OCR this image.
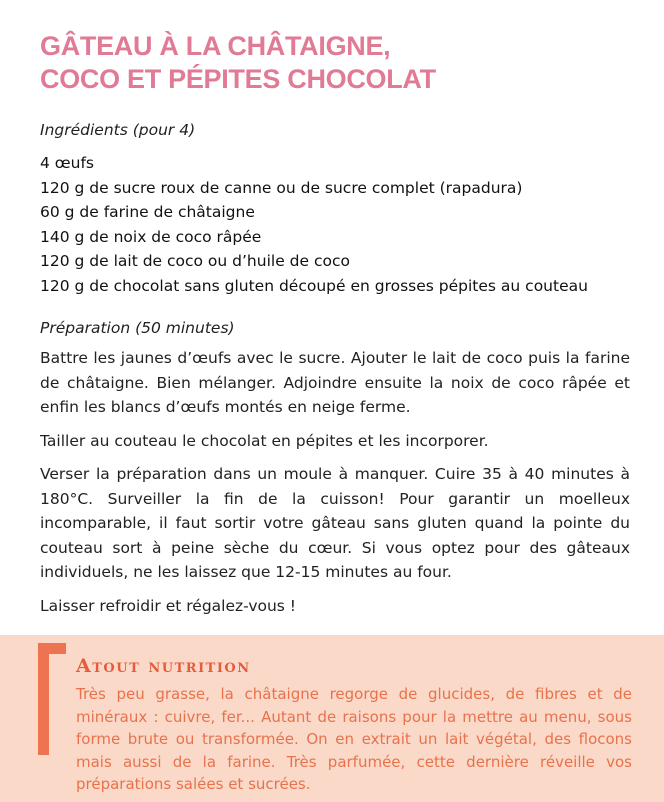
GÂTEAU À LA CHÂTAIGNE,
COCO ET PÉPITES CHOCOLAT

Ingrédients (pour 4)

4 œufs
120 g de sucre roux de canne ou de sucre complet (rapadura)
60 g de farine de châtaigne
140 g de noix de coco râpée
120 g de lait de coco ou d’huile de coco
120 g de chocolat sans gluten découpé en grosses pépites au couteau

Préparation (50 minutes)

Battre les jaunes d’œufs avec le sucre. Ajouter le lait de coco puis la farine de châtaigne. Bien mélanger. Adjoindre ensuite la noix de coco râpée et enfin les blancs d’œufs montés en neige ferme.

Tailler au couteau le chocolat en pépites et les incorporer.

Verser la préparation dans un moule à manquer. Cuire 35 à 40 minutes à 180°C. Surveiller la fin de la cuisson! Pour garantir un moelleux incomparable, il faut sortir votre gâteau sans gluten quand la pointe du couteau sort à peine sèche du cœur. Si vous optez pour des gâteaux individuels, ne les laissez que 12-15 minutes au four.

Laisser refroidir et régalez-vous !

Atout nutrition

Très peu grasse, la châtaigne regorge de glucides, de fibres et de minéraux : cuivre, fer... Autant de raisons pour la mettre au menu, sous forme brute ou transformée. On en extrait un lait végétal, des flocons mais aussi de la farine. Très parfumée, cette dernière réveille vos préparations salées et sucrées.
